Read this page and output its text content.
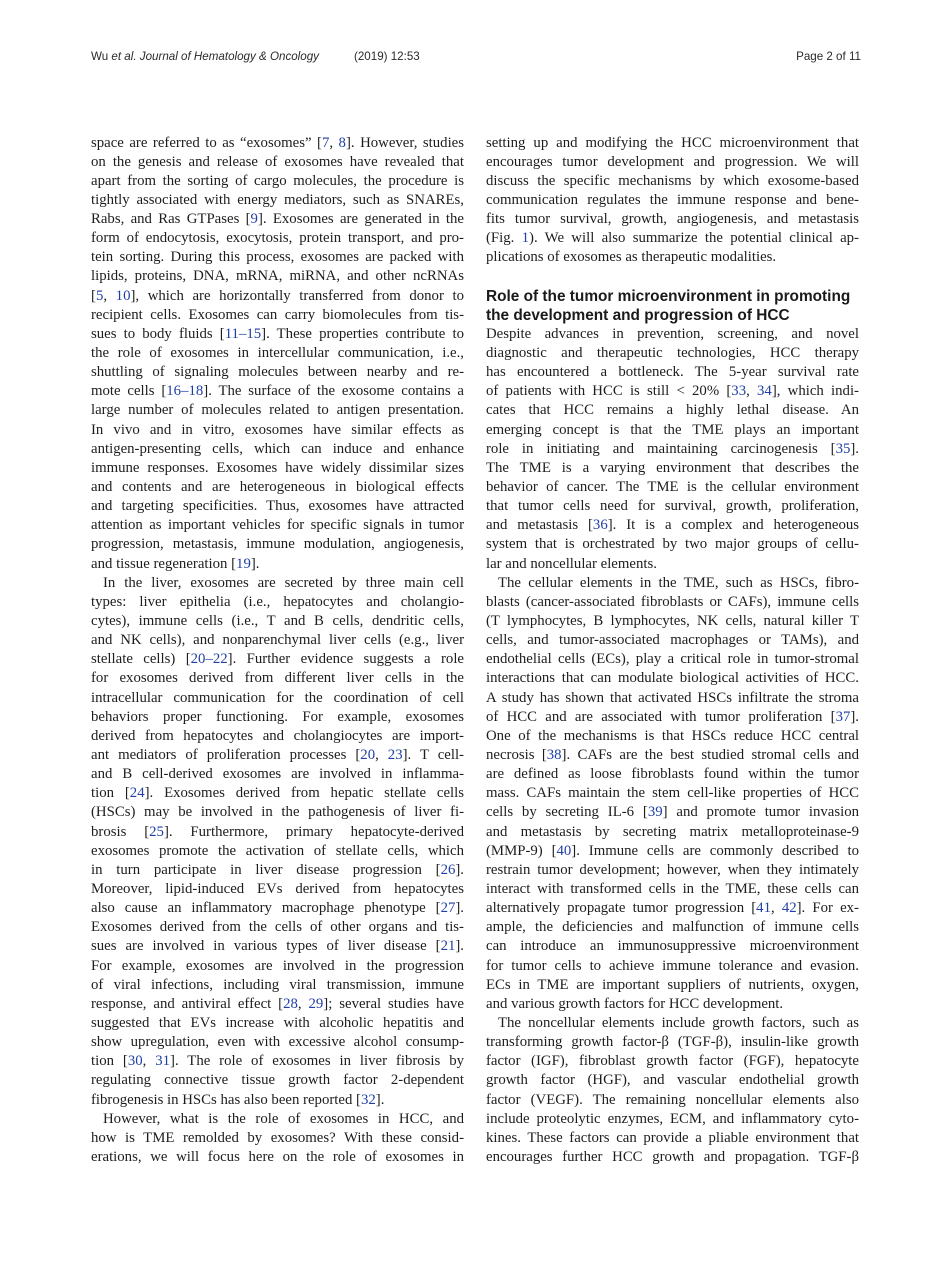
Wu et al. Journal of Hematology & Oncology	(2019) 12:53	Page 2 of 11
space are referred to as “exosomes” [7, 8]. However, studies
on the genesis and release of exosomes have revealed that
apart from the sorting of cargo molecules, the procedure is
tightly associated with energy mediators, such as SNAREs,
Rabs, and Ras GTPases [9]. Exosomes are generated in the
form of endocytosis, exocytosis, protein transport, and pro-
tein sorting. During this process, exosomes are packed with
lipids, proteins, DNA, mRNA, miRNA, and other ncRNAs
[5, 10], which are horizontally transferred from donor to
recipient cells. Exosomes can carry biomolecules from tis-
sues to body fluids [11–15]. These properties contribute to
the role of exosomes in intercellular communication, i.e.,
shuttling of signaling molecules between nearby and re-
mote cells [16–18]. The surface of the exosome contains a
large number of molecules related to antigen presentation.
In vivo and in vitro, exosomes have similar effects as
antigen-presenting cells, which can induce and enhance
immune responses. Exosomes have widely dissimilar sizes
and contents and are heterogeneous in biological effects
and targeting specificities. Thus, exosomes have attracted
attention as important vehicles for specific signals in tumor
progression, metastasis, immune modulation, angiogenesis,
and tissue regeneration [19].
In the liver, exosomes are secreted by three main cell
types: liver epithelia (i.e., hepatocytes and cholangio-
cytes), immune cells (i.e., T and B cells, dendritic cells,
and NK cells), and nonparenchymal liver cells (e.g., liver
stellate cells) [20–22]. Further evidence suggests a role
for exosomes derived from different liver cells in the
intracellular communication for the coordination of cell
behaviors proper functioning. For example, exosomes
derived from hepatocytes and cholangiocytes are import-
ant mediators of proliferation processes [20, 23]. T cell-
and B cell-derived exosomes are involved in inflamma-
tion [24]. Exosomes derived from hepatic stellate cells
(HSCs) may be involved in the pathogenesis of liver fi-
brosis [25]. Furthermore, primary hepatocyte-derived
exosomes promote the activation of stellate cells, which
in turn participate in liver disease progression [26].
Moreover, lipid-induced EVs derived from hepatocytes
also cause an inflammatory macrophage phenotype [27].
Exosomes derived from the cells of other organs and tis-
sues are involved in various types of liver disease [21].
For example, exosomes are involved in the progression
of viral infections, including viral transmission, immune
response, and antiviral effect [28, 29]; several studies have
suggested that EVs increase with alcoholic hepatitis and
show upregulation, even with excessive alcohol consump-
tion [30, 31]. The role of exosomes in liver fibrosis by
regulating connective tissue growth factor 2-dependent
fibrogenesis in HSCs has also been reported [32].
However, what is the role of exosomes in HCC, and
how is TME remolded by exosomes? With these consid-
erations, we will focus here on the role of exosomes in
setting up and modifying the HCC microenvironment that
encourages tumor development and progression. We will
discuss the specific mechanisms by which exosome-based
communication regulates the immune response and bene-
fits tumor survival, growth, angiogenesis, and metastasis
(Fig. 1). We will also summarize the potential clinical ap-
plications of exosomes as therapeutic modalities.
Role of the tumor microenvironment in promoting
the development and progression of HCC
Despite advances in prevention, screening, and novel
diagnostic and therapeutic technologies, HCC therapy
has encountered a bottleneck. The 5-year survival rate
of patients with HCC is still < 20% [33, 34], which indi-
cates that HCC remains a highly lethal disease. An
emerging concept is that the TME plays an important
role in initiating and maintaining carcinogenesis [35].
The TME is a varying environment that describes the
behavior of cancer. The TME is the cellular environment
that tumor cells need for survival, growth, proliferation,
and metastasis [36]. It is a complex and heterogeneous
system that is orchestrated by two major groups of cellu-
lar and noncellular elements.
The cellular elements in the TME, such as HSCs, fibro-
blasts (cancer-associated fibroblasts or CAFs), immune cells
(T lymphocytes, B lymphocytes, NK cells, natural killer T
cells, and tumor-associated macrophages or TAMs), and
endothelial cells (ECs), play a critical role in tumor-stromal
interactions that can modulate biological activities of HCC.
A study has shown that activated HSCs infiltrate the stroma
of HCC and are associated with tumor proliferation [37].
One of the mechanisms is that HSCs reduce HCC central
necrosis [38]. CAFs are the best studied stromal cells and
are defined as loose fibroblasts found within the tumor
mass. CAFs maintain the stem cell-like properties of HCC
cells by secreting IL-6 [39] and promote tumor invasion
and metastasis by secreting matrix metalloproteinase-9
(MMP-9) [40]. Immune cells are commonly described to
restrain tumor development; however, when they intimately
interact with transformed cells in the TME, these cells can
alternatively propagate tumor progression [41, 42]. For ex-
ample, the deficiencies and malfunction of immune cells
can introduce an immunosuppressive microenvironment
for tumor cells to achieve immune tolerance and evasion.
ECs in TME are important suppliers of nutrients, oxygen,
and various growth factors for HCC development.
The noncellular elements include growth factors, such as
transforming growth factor-β (TGF-β), insulin-like growth
factor (IGF), fibroblast growth factor (FGF), hepatocyte
growth factor (HGF), and vascular endothelial growth
factor (VEGF). The remaining noncellular elements also
include proteolytic enzymes, ECM, and inflammatory cyto-
kines. These factors can provide a pliable environment that
encourages further HCC growth and propagation. TGF-β
